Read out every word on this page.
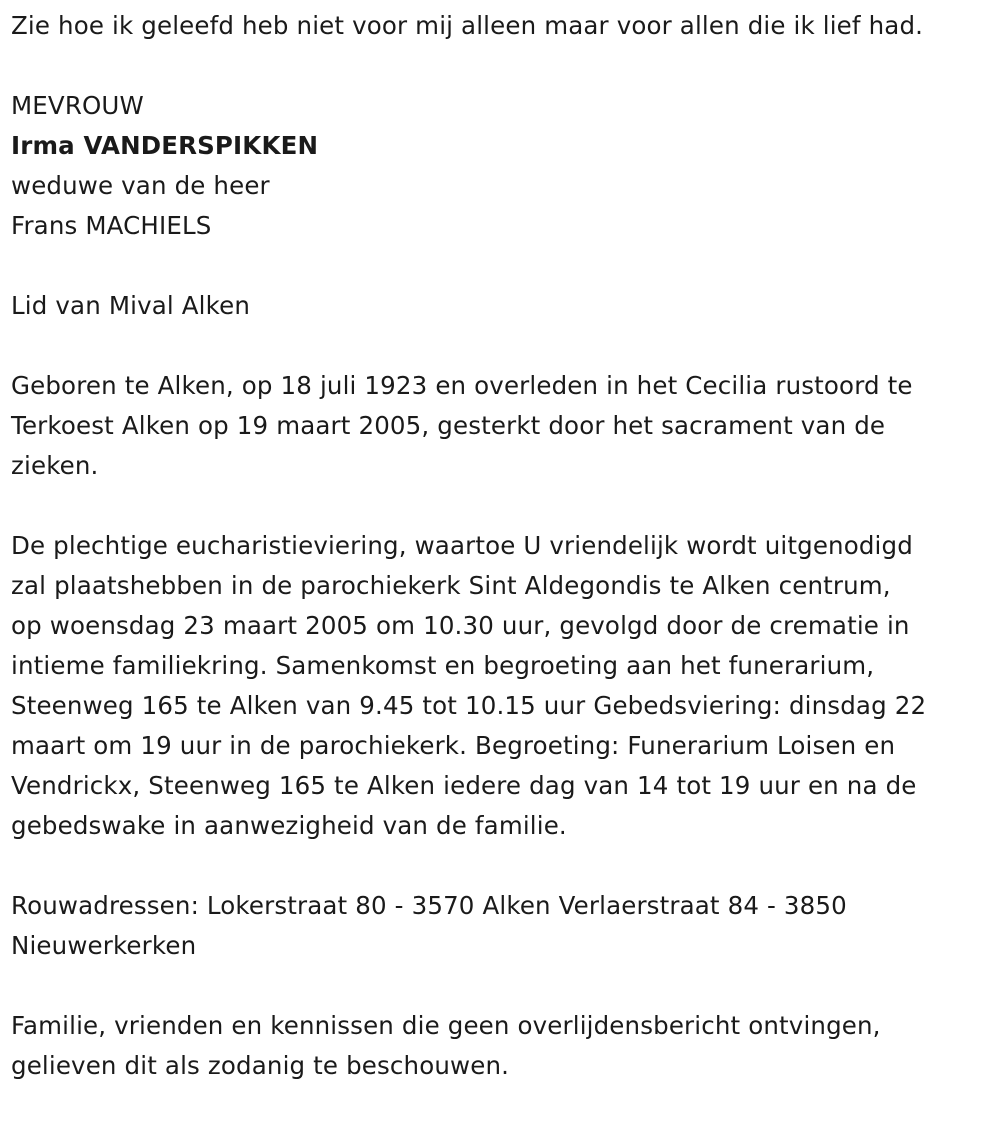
Zie hoe ik geleefd heb niet voor mij alleen maar voor allen die ik lief had.
MEVROUW
Irma VANDERSPIKKEN
weduwe van de heer
Frans MACHIELS
Lid van Mival Alken
Geboren te Alken, op 18 juli 1923 en overleden in het Cecilia rustoord te
Terkoest Alken op 19 maart 2005, gesterkt door het sacrament van de
zieken.
De plechtige eucharistieviering, waartoe U vriendelijk wordt uitgenodigd
zal plaatshebben in de parochiekerk Sint Aldegondis te Alken centrum,
op woensdag 23 maart 2005 om 10.30 uur, gevolgd door de crematie in
intieme familiekring. Samenkomst en begroeting aan het funerarium,
Steenweg 165 te Alken van 9.45 tot 10.15 uur Gebedsviering: dinsdag 22
maart om 19 uur in de parochiekerk. Begroeting: Funerarium Loisen en
Vendrickx, Steenweg 165 te Alken iedere dag van 14 tot 19 uur en na de
gebedswake in aanwezigheid van de familie.
Rouwadressen: Lokerstraat 80 - 3570 Alken Verlaerstraat 84 - 3850
Nieuwerkerken
Familie, vrienden en kennissen die geen overlijdensbericht ontvingen,
gelieven dit als zodanig te beschouwen.
